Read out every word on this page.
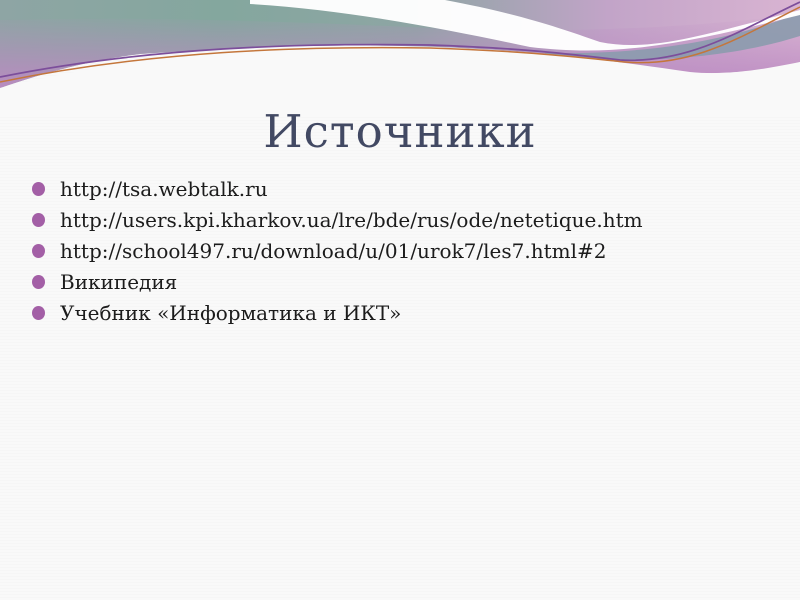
Источники
http://tsa.webtalk.ru
http://users.kpi.kharkov.ua/lre/bde/rus/ode/netetique.htm
http://school497.ru/download/u/01/urok7/les7.html#2
Википедия
Учебник «Информатика и ИКТ»
